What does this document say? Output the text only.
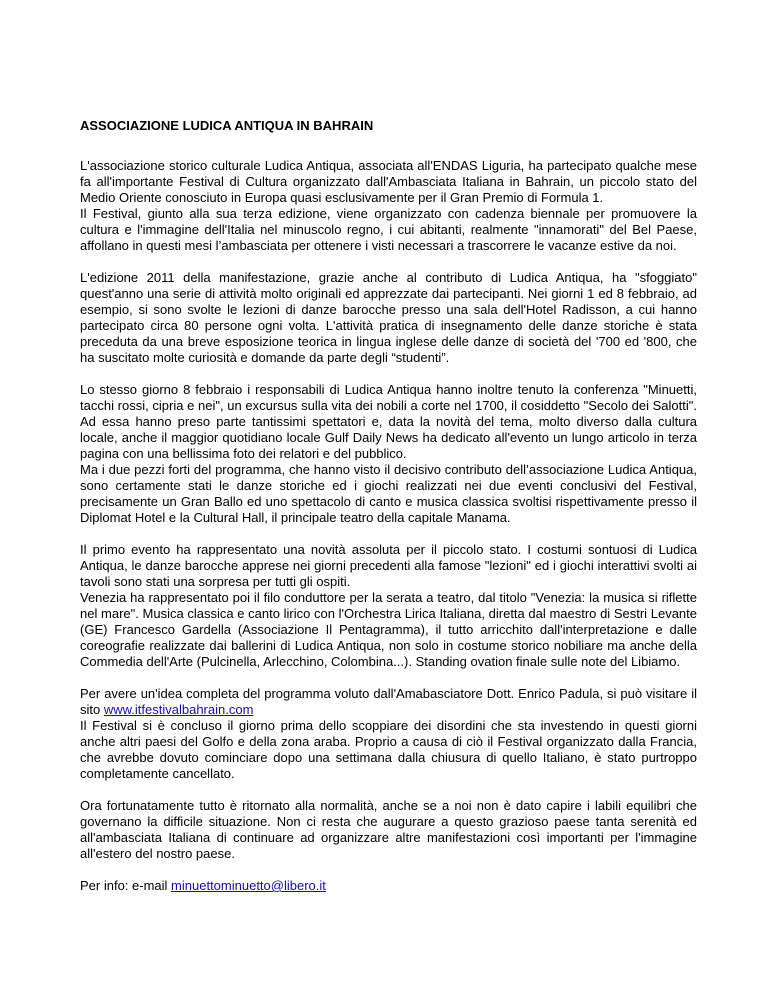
ASSOCIAZIONE LUDICA ANTIQUA IN BAHRAIN
L'associazione storico culturale Ludica Antiqua, associata all'ENDAS Liguria, ha partecipato qualche mese fa all'importante Festival di Cultura organizzato dall'Ambasciata Italiana in Bahrain, un piccolo stato del Medio Oriente conosciuto in Europa quasi esclusivamente per il Gran Premio di Formula 1.
Il Festival, giunto alla sua terza edizione, viene organizzato con cadenza biennale per promuovere la cultura e l'immagine dell'Italia nel minuscolo regno, i cui abitanti, realmente "innamorati" del Bel Paese, affollano in questi mesi l’ambasciata per ottenere i visti necessari a trascorrere le vacanze estive da noi.
L'edizione 2011 della manifestazione, grazie anche al contributo di Ludica Antiqua, ha "sfoggiato" quest'anno una serie di attività molto originali ed apprezzate dai partecipanti. Nei giorni 1 ed 8 febbraio, ad esempio, si sono svolte le lezioni di danze barocche presso una sala dell'Hotel Radisson, a cui hanno partecipato circa 80 persone ogni volta. L'attività pratica di insegnamento delle danze storiche è stata preceduta da una breve esposizione teorica in lingua inglese delle danze di società del '700 ed '800, che ha suscitato molte curiosità e domande da parte degli “studenti”.
Lo stesso giorno 8 febbraio i responsabili di Ludica Antiqua hanno inoltre tenuto la conferenza "Minuetti, tacchi rossi, cipria e nei", un excursus sulla vita dei nobili a corte nel 1700, il cosiddetto "Secolo dei Salotti". Ad essa hanno preso parte tantissimi spettatori e, data la novità del tema, molto diverso dalla cultura locale, anche il maggior quotidiano locale Gulf Daily News ha dedicato all'evento un lungo articolo in terza pagina con una bellissima foto dei relatori e del pubblico.
Ma i due pezzi forti del programma, che hanno visto il decisivo contributo dell’associazione Ludica Antiqua, sono certamente stati le danze storiche ed i giochi realizzati nei due eventi conclusivi del Festival, precisamente un Gran Ballo ed uno spettacolo di canto e musica classica svoltisi rispettivamente presso il Diplomat Hotel e la Cultural Hall, il principale teatro della capitale Manama.
Il primo evento ha rappresentato una novità assoluta per il piccolo stato. I costumi sontuosi di Ludica Antiqua, le danze barocche apprese nei giorni precedenti alla famose "lezioni" ed i giochi interattivi svolti ai tavoli sono stati una sorpresa per tutti gli ospiti.
Venezia ha rappresentato poi il filo conduttore per la serata a teatro, dal titolo "Venezia: la musica si riflette nel mare". Musica classica e canto lirico con l'Orchestra Lirica Italiana, diretta dal maestro di Sestri Levante (GE) Francesco Gardella (Associazione Il Pentagramma), il tutto arricchito dall'interpretazione e dalle coreografie realizzate dai ballerini di Ludica Antiqua, non solo in costume storico nobiliare ma anche della Commedia dell'Arte (Pulcinella, Arlecchino, Colombina...). Standing ovation finale sulle note del Libiamo.
Per avere un'idea completa del programma voluto dall'Amabasciatore Dott. Enrico Padula, si può visitare il sito www.itfestivalbahrain.com
Il Festival si è concluso il giorno prima dello scoppiare dei disordini che sta investendo in questi giorni anche altri paesi del Golfo e della zona araba. Proprio a causa di ciò il Festival organizzato dalla Francia, che avrebbe dovuto cominciare dopo una settimana dalla chiusura di quello Italiano, è stato purtroppo completamente cancellato.
Ora fortunatamente tutto è ritornato alla normalità, anche se a noi non è dato capire i labili equilibri che governano la difficile situazione. Non ci resta che augurare a questo grazioso paese tanta serenità ed all'ambasciata Italiana di continuare ad organizzare altre manifestazioni così importanti per l'immagine all'estero del nostro paese.
Per info: e-mail minuettominuetto@libero.it
